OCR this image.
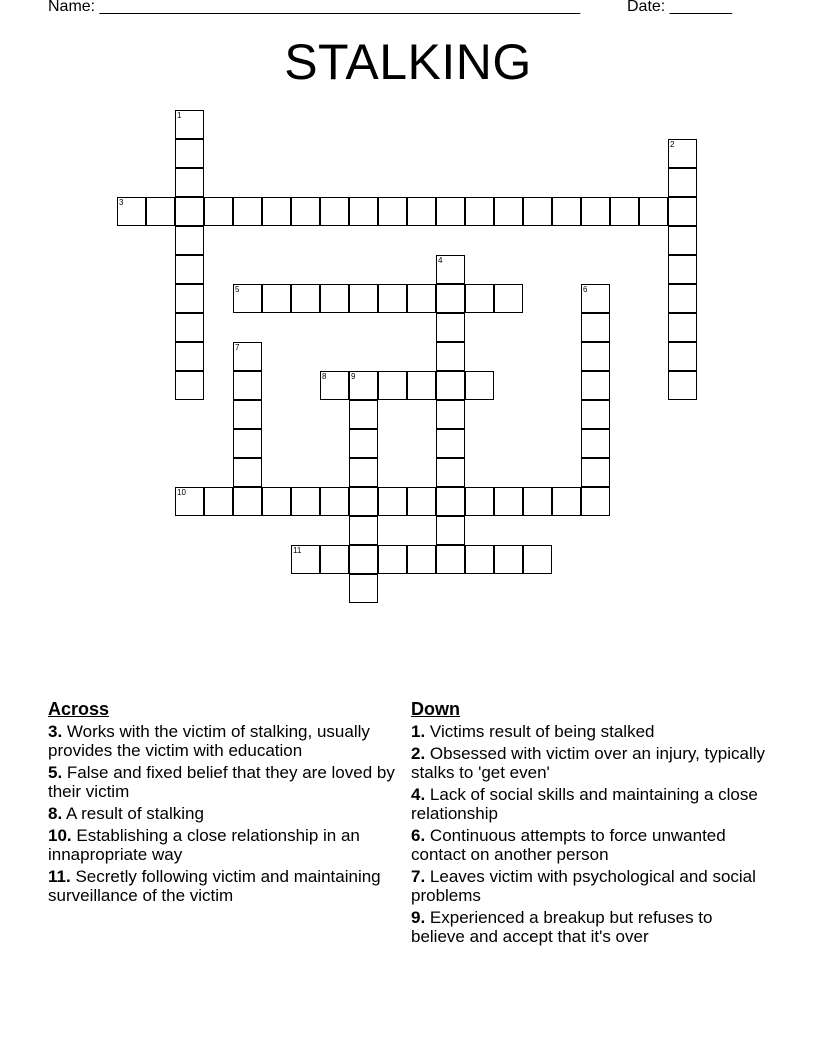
Name: ______________________________________________________	Date: _______
STALKING
1
2
3
4
5	6
7
8	9
10
11
Across
3. Works with the victim of stalking, usually provides the victim with education
5. False and fixed belief that they are loved by their victim
8. A result of stalking
10. Establishing a close relationship in an innapropriate way
11. Secretly following victim and maintaining surveillance of the victim
Down
1. Victims result of being stalked
2. Obsessed with victim over an injury, typically stalks to 'get even'
4. Lack of social skills and maintaining a close relationship
6. Continuous attempts to force unwanted contact on another person
7. Leaves victim with psychological and social problems
9. Experienced a breakup but refuses to believe and accept that it's over
